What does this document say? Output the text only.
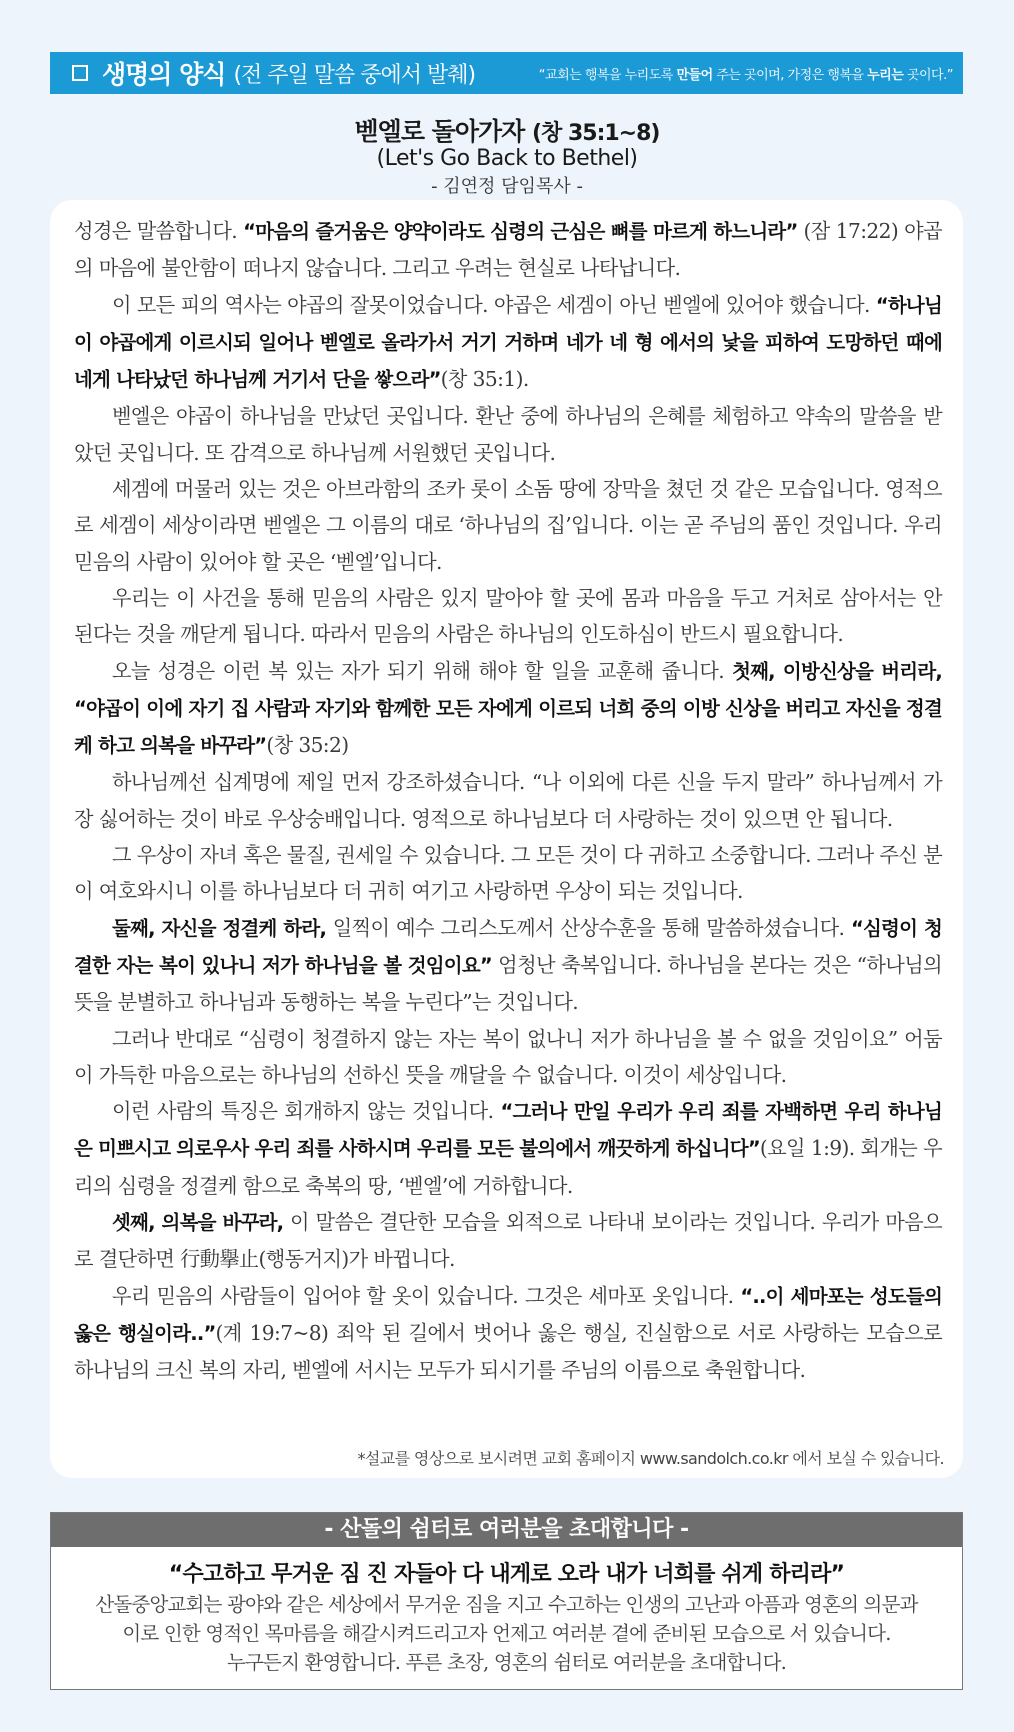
생명의 양식 (전 주일 말씀 중에서 발췌)	“교회는 행복을 누리도록 만들어 주는 곳이며, 가정은 행복을 누리는 곳이다.”
벧엘로 돌아가자 (창 35:1~8)
(Let's Go Back to Bethel)
- 김연정 담임목사 -

성경은 말씀합니다. “마음의 즐거움은 양약이라도 심령의 근심은 뼈를 마르게 하느니라” (잠 17:22) 야곱의 마음에 불안함이 떠나지 않습니다. 그리고 우려는 현실로 나타납니다.

이 모든 피의 역사는 야곱의 잘못이었습니다. 야곱은 세겜이 아닌 벧엘에 있어야 했습니다. “하나님이 야곱에게 이르시되 일어나 벧엘로 올라가서 거기 거하며 네가 네 형 에서의 낯을 피하여 도망하던 때에 네게 나타났던 하나님께 거기서 단을 쌓으라”(창 35:1).

벧엘은 야곱이 하나님을 만났던 곳입니다. 환난 중에 하나님의 은혜를 체험하고 약속의 말씀을 받았던 곳입니다. 또 감격으로 하나님께 서원했던 곳입니다.

세겜에 머물러 있는 것은 아브라함의 조카 롯이 소돔 땅에 장막을 쳤던 것 같은 모습입니다. 영적으로 세겜이 세상이라면 벧엘은 그 이름의 대로 ‘하나님의 집’입니다. 이는 곧 주님의 품인 것입니다. 우리 믿음의 사람이 있어야 할 곳은 ‘벧엘’입니다.

우리는 이 사건을 통해 믿음의 사람은 있지 말아야 할 곳에 몸과 마음을 두고 거처로 삼아서는 안 된다는 것을 깨닫게 됩니다. 따라서 믿음의 사람은 하나님의 인도하심이 반드시 필요합니다.

오늘 성경은 이런 복 있는 자가 되기 위해 해야 할 일을 교훈해 줍니다. 첫째, 이방신상을 버리라, “야곱이 이에 자기 집 사람과 자기와 함께한 모든 자에게 이르되 너희 중의 이방 신상을 버리고 자신을 정결케 하고 의복을 바꾸라”(창 35:2)

하나님께선 십계명에 제일 먼저 강조하셨습니다. “나 이외에 다른 신을 두지 말라” 하나님께서 가장 싫어하는 것이 바로 우상숭배입니다. 영적으로 하나님보다 더 사랑하는 것이 있으면 안 됩니다.

그 우상이 자녀 혹은 물질, 권세일 수 있습니다. 그 모든 것이 다 귀하고 소중합니다. 그러나 주신 분이 여호와시니 이를 하나님보다 더 귀히 여기고 사랑하면 우상이 되는 것입니다.

둘째, 자신을 정결케 하라, 일찍이 예수 그리스도께서 산상수훈을 통해 말씀하셨습니다. “심령이 청결한 자는 복이 있나니 저가 하나님을 볼 것임이요” 엄청난 축복입니다. 하나님을 본다는 것은 “하나님의 뜻을 분별하고 하나님과 동행하는 복을 누린다”는 것입니다.

그러나 반대로 “심령이 청결하지 않는 자는 복이 없나니 저가 하나님을 볼 수 없을 것임이요” 어둠이 가득한 마음으로는 하나님의 선하신 뜻을 깨달을 수 없습니다. 이것이 세상입니다.

이런 사람의 특징은 회개하지 않는 것입니다. “그러나 만일 우리가 우리 죄를 자백하면 우리 하나님은 미쁘시고 의로우사 우리 죄를 사하시며 우리를 모든 불의에서 깨끗하게 하십니다”(요일 1:9). 회개는 우리의 심령을 정결케 함으로 축복의 땅, ‘벧엘’에 거하합니다.

셋째, 의복을 바꾸라, 이 말씀은 결단한 모습을 외적으로 나타내 보이라는 것입니다. 우리가 마음으로 결단하면 行動擧止(행동거지)가 바뀝니다.

우리 믿음의 사람들이 입어야 할 옷이 있습니다. 그것은 세마포 옷입니다. “..이 세마포는 성도들의 옳은 행실이라..”(계 19:7~8) 죄악 된 길에서 벗어나 옳은 행실, 진실함으로 서로 사랑하는 모습으로 하나님의 크신 복의 자리, 벧엘에 서시는 모두가 되시기를 주님의 이름으로 축원합니다.

*설교를 영상으로 보시려면 교회 홈페이지 www.sandolch.co.kr 에서 보실 수 있습니다.
- 산돌의 쉼터로 여러분을 초대합니다 -
“수고하고 무거운 짐 진 자들아 다 내게로 오라 내가 너희를 쉬게 하리라”
산돌중앙교회는 광야와 같은 세상에서 무거운 짐을 지고 수고하는 인생의 고난과 아픔과 영혼의 의문과
이로 인한 영적인 목마름을 해갈시켜드리고자 언제고 여러분 곁에 준비된 모습으로 서 있습니다.
누구든지 환영합니다. 푸른 초장, 영혼의 쉼터로 여러분을 초대합니다.
